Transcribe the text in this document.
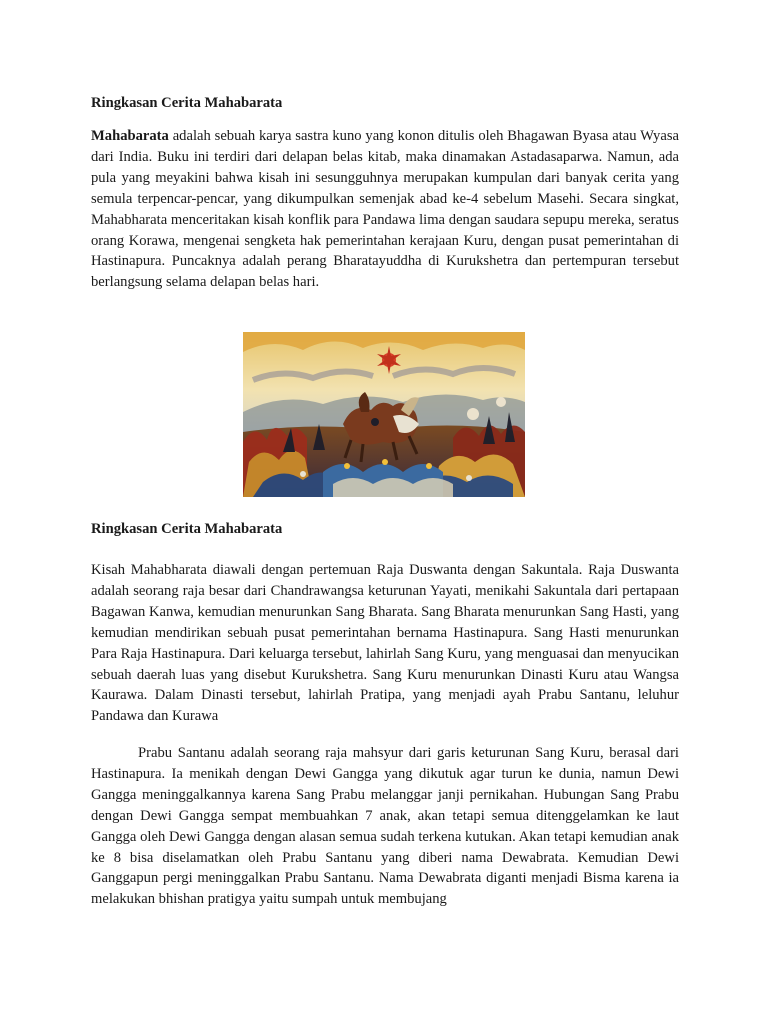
Ringkasan Cerita Mahabarata
Mahabarata adalah sebuah karya sastra kuno yang konon ditulis oleh Bhagawan Byasa atau Wyasa dari India. Buku ini terdiri dari delapan belas kitab, maka dinamakan Astadasaparwa. Namun, ada pula yang meyakini bahwa kisah ini sesungguhnya merupakan kumpulan dari banyak cerita yang semula terpencar-pencar, yang dikumpulkan semenjak abad ke-4 sebelum Masehi. Secara singkat, Mahabharata menceritakan kisah konflik para Pandawa lima dengan saudara sepupu mereka, seratus orang Korawa, mengenai sengketa hak pemerintahan kerajaan Kuru, dengan pusat pemerintahan di Hastinapura. Puncaknya adalah perang Bharatayuddha di Kurukshetra dan pertempuran tersebut berlangsung selama delapan belas hari.
Ringkasan Cerita Mahabarata
Kisah Mahabharata diawali dengan pertemuan Raja Duswanta dengan Sakuntala. Raja Duswanta adalah seorang raja besar dari Chandrawangsa keturunan Yayati, menikahi Sakuntala dari pertapaan Bagawan Kanwa, kemudian menurunkan Sang Bharata. Sang Bharata menurunkan Sang Hasti, yang kemudian mendirikan sebuah pusat pemerintahan bernama Hastinapura. Sang Hasti menurunkan Para Raja Hastinapura. Dari keluarga tersebut, lahirlah Sang Kuru, yang menguasai dan menyucikan sebuah daerah luas yang disebut Kurukshetra. Sang Kuru menurunkan Dinasti Kuru atau Wangsa Kaurawa. Dalam Dinasti tersebut, lahirlah Pratipa, yang menjadi ayah Prabu Santanu, leluhur Pandawa dan Kurawa
Prabu Santanu adalah seorang raja mahsyur dari garis keturunan Sang Kuru, berasal dari Hastinapura. Ia menikah dengan Dewi Gangga yang dikutuk agar turun ke dunia, namun Dewi Gangga meninggalkannya karena Sang Prabu melanggar janji pernikahan. Hubungan Sang Prabu dengan Dewi Gangga sempat membuahkan 7 anak, akan tetapi semua ditenggelamkan ke laut Gangga oleh Dewi Gangga dengan alasan semua sudah terkena kutukan. Akan tetapi kemudian anak ke 8 bisa diselamatkan oleh Prabu Santanu yang diberi nama Dewabrata. Kemudian Dewi Ganggapun pergi meninggalkan Prabu Santanu. Nama Dewabrata diganti menjadi Bisma karena ia melakukan bhishan pratigya yaitu sumpah untuk membujang
